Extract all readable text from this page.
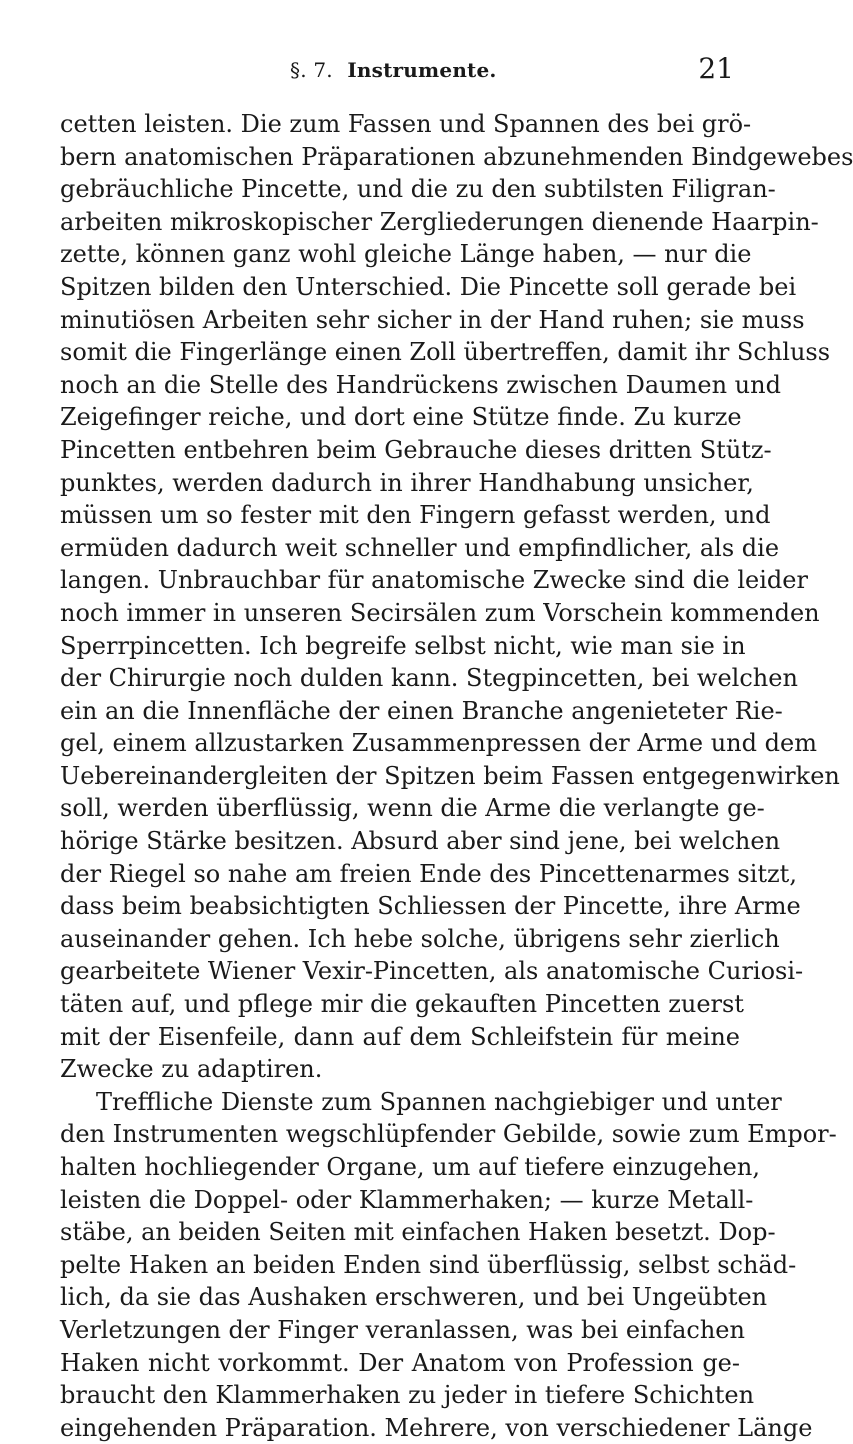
§. 7. Instrumente.	21
cetten leisten. Die zum Fassen und Spannen des bei grö-
bern anatomischen Präparationen abzunehmenden Bindgewebes
gebräuchliche Pincette, und die zu den subtilsten Filigran-
arbeiten mikroskopischer Zergliederungen dienende Haarpin-
zette, können ganz wohl gleiche Länge haben, — nur die
Spitzen bilden den Unterschied. Die Pincette soll gerade bei
minutiösen Arbeiten sehr sicher in der Hand ruhen; sie muss
somit die Fingerlänge einen Zoll übertreffen, damit ihr Schluss
noch an die Stelle des Handrückens zwischen Daumen und
Zeigefinger reiche, und dort eine Stütze finde. Zu kurze
Pincetten entbehren beim Gebrauche dieses dritten Stütz-
punktes, werden dadurch in ihrer Handhabung unsicher,
müssen um so fester mit den Fingern gefasst werden, und
ermüden dadurch weit schneller und empfindlicher, als die
langen. Unbrauchbar für anatomische Zwecke sind die leider
noch immer in unseren Secirsälen zum Vorschein kommenden
Sperrpincetten. Ich begreife selbst nicht, wie man sie in
der Chirurgie noch dulden kann. Stegpincetten, bei welchen
ein an die Innenfläche der einen Branche angenieteter Rie-
gel, einem allzustarken Zusammenpressen der Arme und dem
Uebereinandergleiten der Spitzen beim Fassen entgegenwirken
soll, werden überflüssig, wenn die Arme die verlangte ge-
hörige Stärke besitzen. Absurd aber sind jene, bei welchen
der Riegel so nahe am freien Ende des Pincettenarmes sitzt,
dass beim beabsichtigten Schliessen der Pincette, ihre Arme
auseinander gehen. Ich hebe solche, übrigens sehr zierlich
gearbeitete Wiener Vexir-Pincetten, als anatomische Curiosi-
täten auf, und pflege mir die gekauften Pincetten zuerst
mit der Eisenfeile, dann auf dem Schleifstein für meine
Zwecke zu adaptiren.
Treffliche Dienste zum Spannen nachgiebiger und unter
den Instrumenten wegschlüpfender Gebilde, sowie zum Empor-
halten hochliegender Organe, um auf tiefere einzugehen,
leisten die Doppel- oder Klammerhaken; — kurze Metall-
stäbe, an beiden Seiten mit einfachen Haken besetzt. Dop-
pelte Haken an beiden Enden sind überflüssig, selbst schäd-
lich, da sie das Aushaken erschweren, und bei Ungeübten
Verletzungen der Finger veranlassen, was bei einfachen
Haken nicht vorkommt. Der Anatom von Profession ge-
braucht den Klammerhaken zu jeder in tiefere Schichten
eingehenden Präparation. Mehrere, von verschiedener Länge
